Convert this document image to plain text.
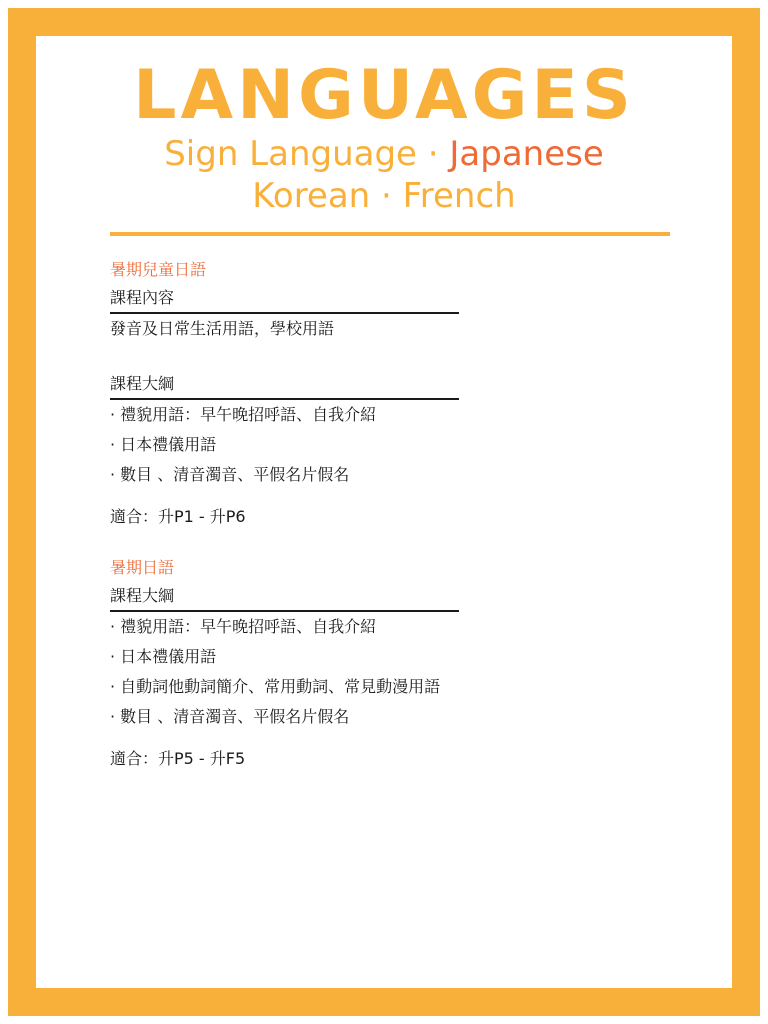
LANGUAGES
Sign Language · Japanese
Korean · French
暑期兒童日語
課程內容
發音及日常生活用語，學校用語
課程大綱
· 禮貌用語：早午晚招呼語、自我介紹
· 日本禮儀用語
· 數目 、清音濁音、平假名片假名
適合：升P1 - 升P6
暑期日語
課程大綱
· 禮貌用語：早午晚招呼語、自我介紹
· 日本禮儀用語
· 自動詞他動詞簡介、常用動詞、常見動漫用語
· 數目 、清音濁音、平假名片假名
適合：升P5 - 升F5
